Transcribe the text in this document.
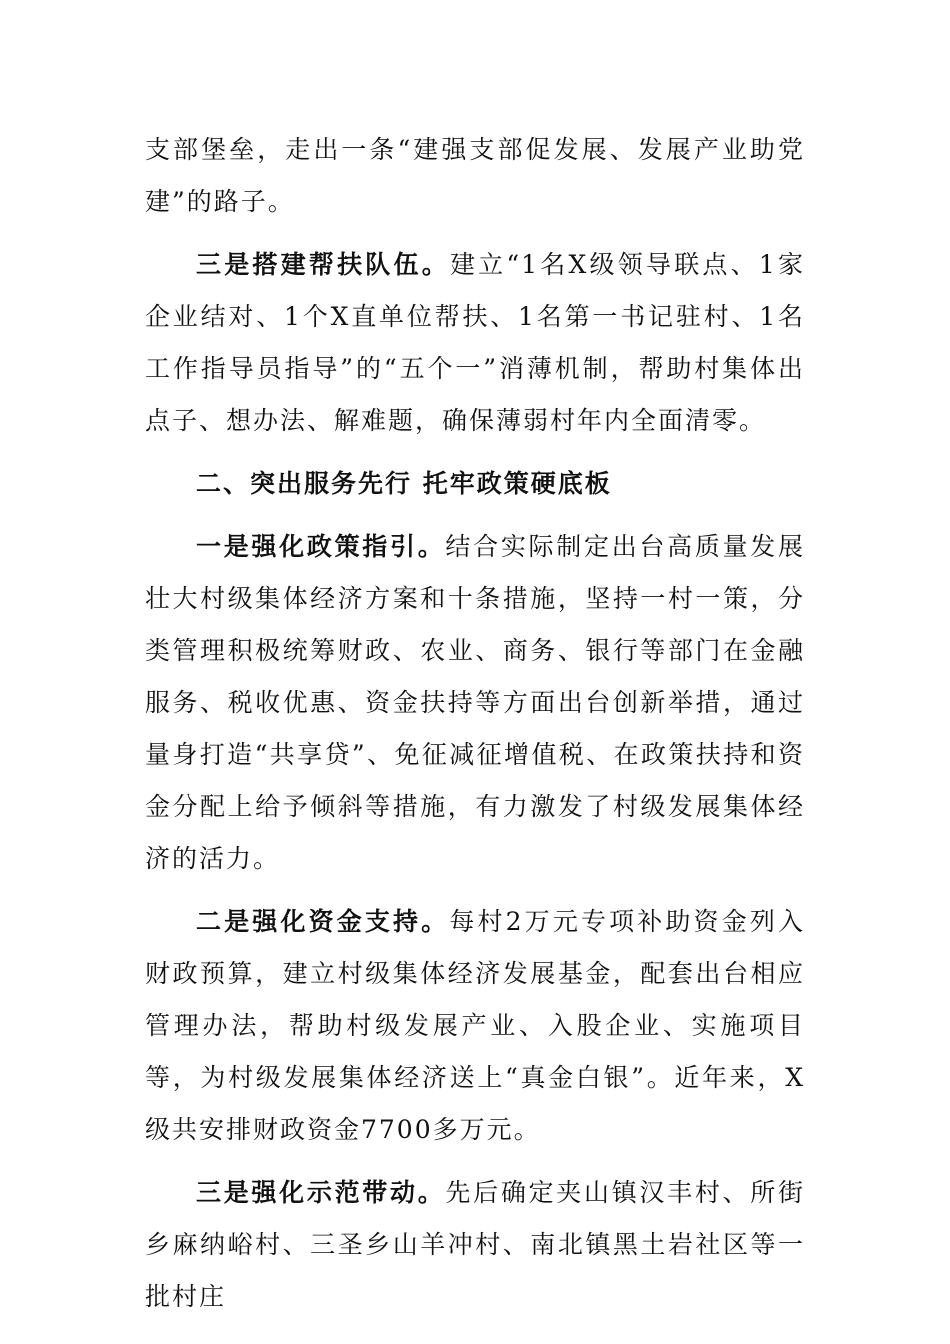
支部堡垒，走出一条“建强支部促发展、发展产业助党建”的路子。

三是搭建帮扶队伍。建立“1名X级领导联点、1家企业结对、1个X直单位帮扶、1名第一书记驻村、1名工作指导员指导”的“五个一”消薄机制，帮助村集体出点子、想办法、解难题，确保薄弱村年内全面清零。

二、突出服务先行 托牢政策硬底板

一是强化政策指引。结合实际制定出台高质量发展壮大村级集体经济方案和十条措施，坚持一村一策，分类管理积极统筹财政、农业、商务、银行等部门在金融服务、税收优惠、资金扶持等方面出台创新举措，通过量身打造“共享贷”、免征减征增值税、在政策扶持和资金分配上给予倾斜等措施，有力激发了村级发展集体经济的活力。

二是强化资金支持。每村2万元专项补助资金列入财政预算，建立村级集体经济发展基金，配套出台相应管理办法，帮助村级发展产业、入股企业、实施项目等，为村级发展集体经济送上“真金白银”。近年来，X级共安排财政资金7700多万元。

三是强化示范带动。先后确定夹山镇汉丰村、所街乡麻纳峪村、三圣乡山羊冲村、南北镇黑土岩社区等一批村庄
